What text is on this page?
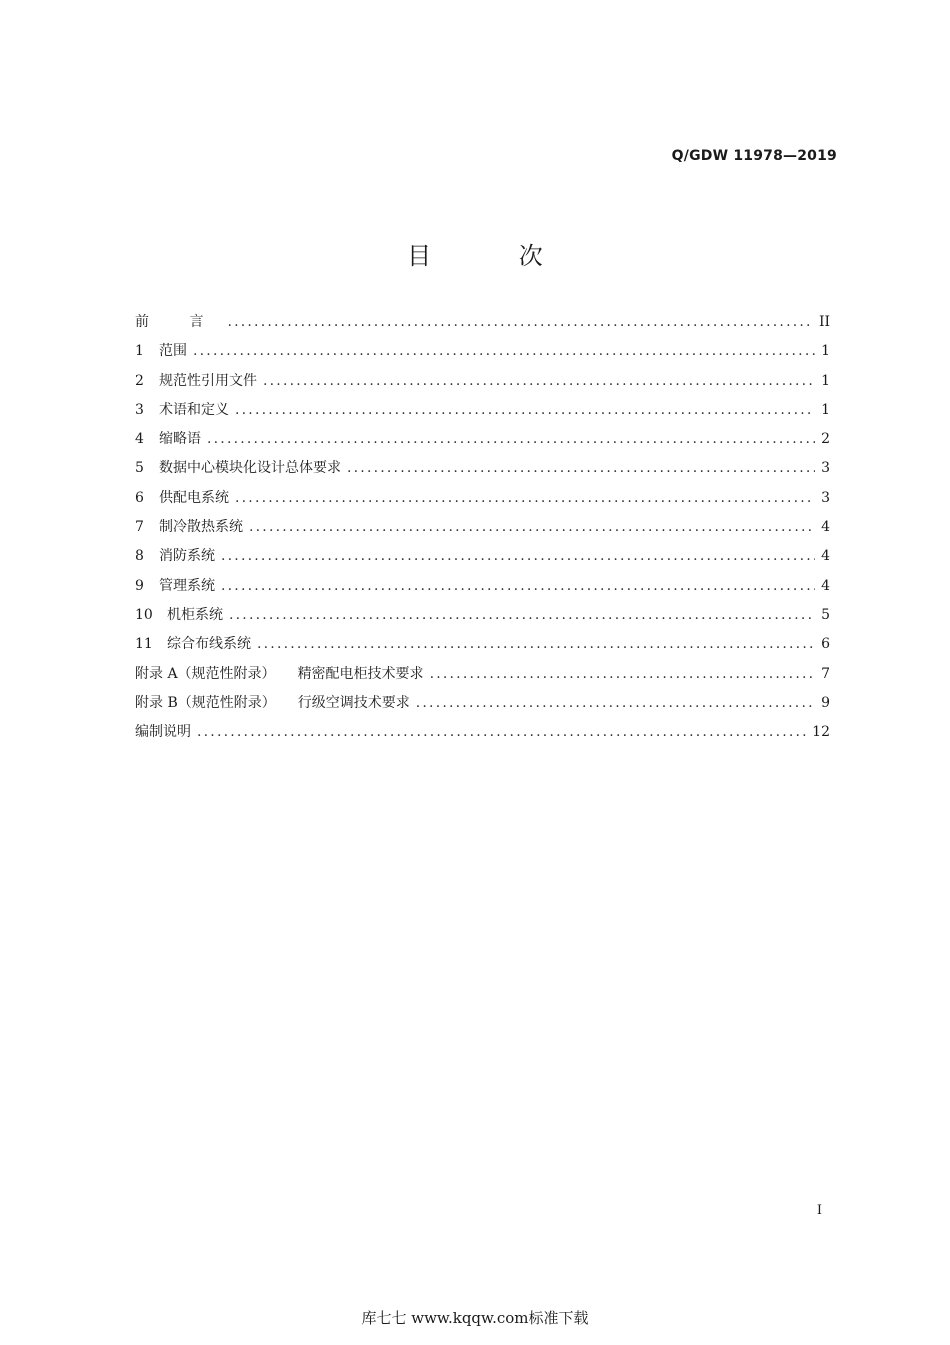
Q/GDW 11978—2019
目 次
前 言 .....	II
1	范围 .....	1
2	规范性引用文件 .....	1
3	术语和定义 .....	1
4	缩略语 .....	2
5	数据中心模块化设计总体要求 .....	3
6	供配电系统 .....	3
7	制冷散热系统 .....	4
8	消防系统 .....	4
9	管理系统 .....	4
10	机柜系统 .....	5
11	综合布线系统 .....	6
附录 A（规范性附录） 精密配电柜技术要求 .....	7
附录 B（规范性附录） 行级空调技术要求 .....	9
编制说明 .....	12
I
库七七 www.kqqw.com标准下载
